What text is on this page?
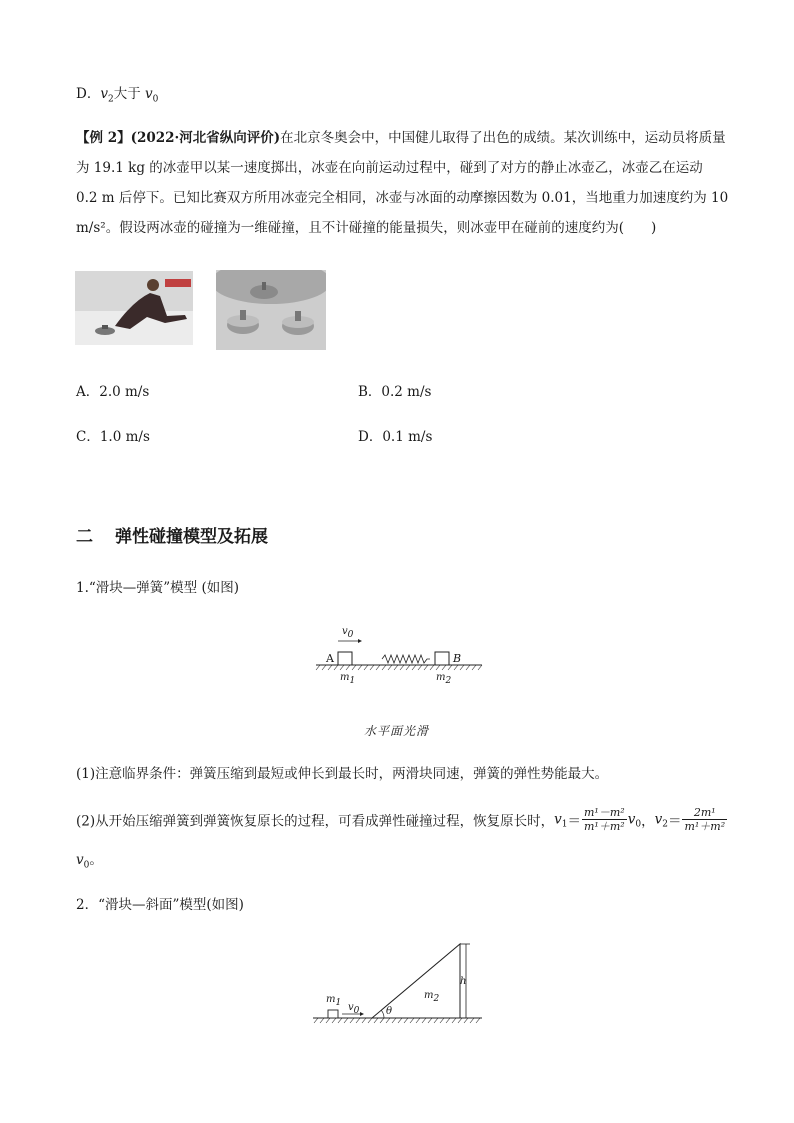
D．$v_2$大于 $v_0$
【例 2】(2022·河北省纵向评价)在北京冬奥会中，中国健儿取得了出色的成绩。某次训练中，运动员将质量
为 19.1 kg 的冰壶甲以某一速度掷出，冰壶在向前运动过程中，碰到了对方的静止冰壶乙，冰壶乙在运动
0.2 m 后停下。已知比赛双方所用冰壶完全相同，冰壶与冰面的动摩擦因数为 0.01，当地重力加速度约为 10
m/s²。假设两冰壶的碰撞为一维碰撞，且不计碰撞的能量损失，则冰壶甲在碰前的速度约为(　　)
A．2.0 m/s	B．0.2 m/s
C．1.0 m/s	D．0.1 m/s
二 弹性碰撞模型及拓展
1.“滑块—弹簧”模型 (如图)
$v_0$
A	B
$m_1$	$m_2$
水平面光滑
(1)注意临界条件：弹簧压缩到最短或伸长到最长时，两滑块同速，弹簧的弹性势能最大。
(2)从开始压缩弹簧到弹簧恢复原长的过程，可看成弹性碰撞过程，恢复原长时，$v_1= \frac{\text{m¹－m²}}{\text{m¹＋m²}} v_0$，$v_2= \frac{\text{2m¹}}{\text{m¹＋m²}}$
$v_0$。
2．“滑块—斜面”模型(如图)
$m_1$ $v_0$	θ
$m_2$
h
